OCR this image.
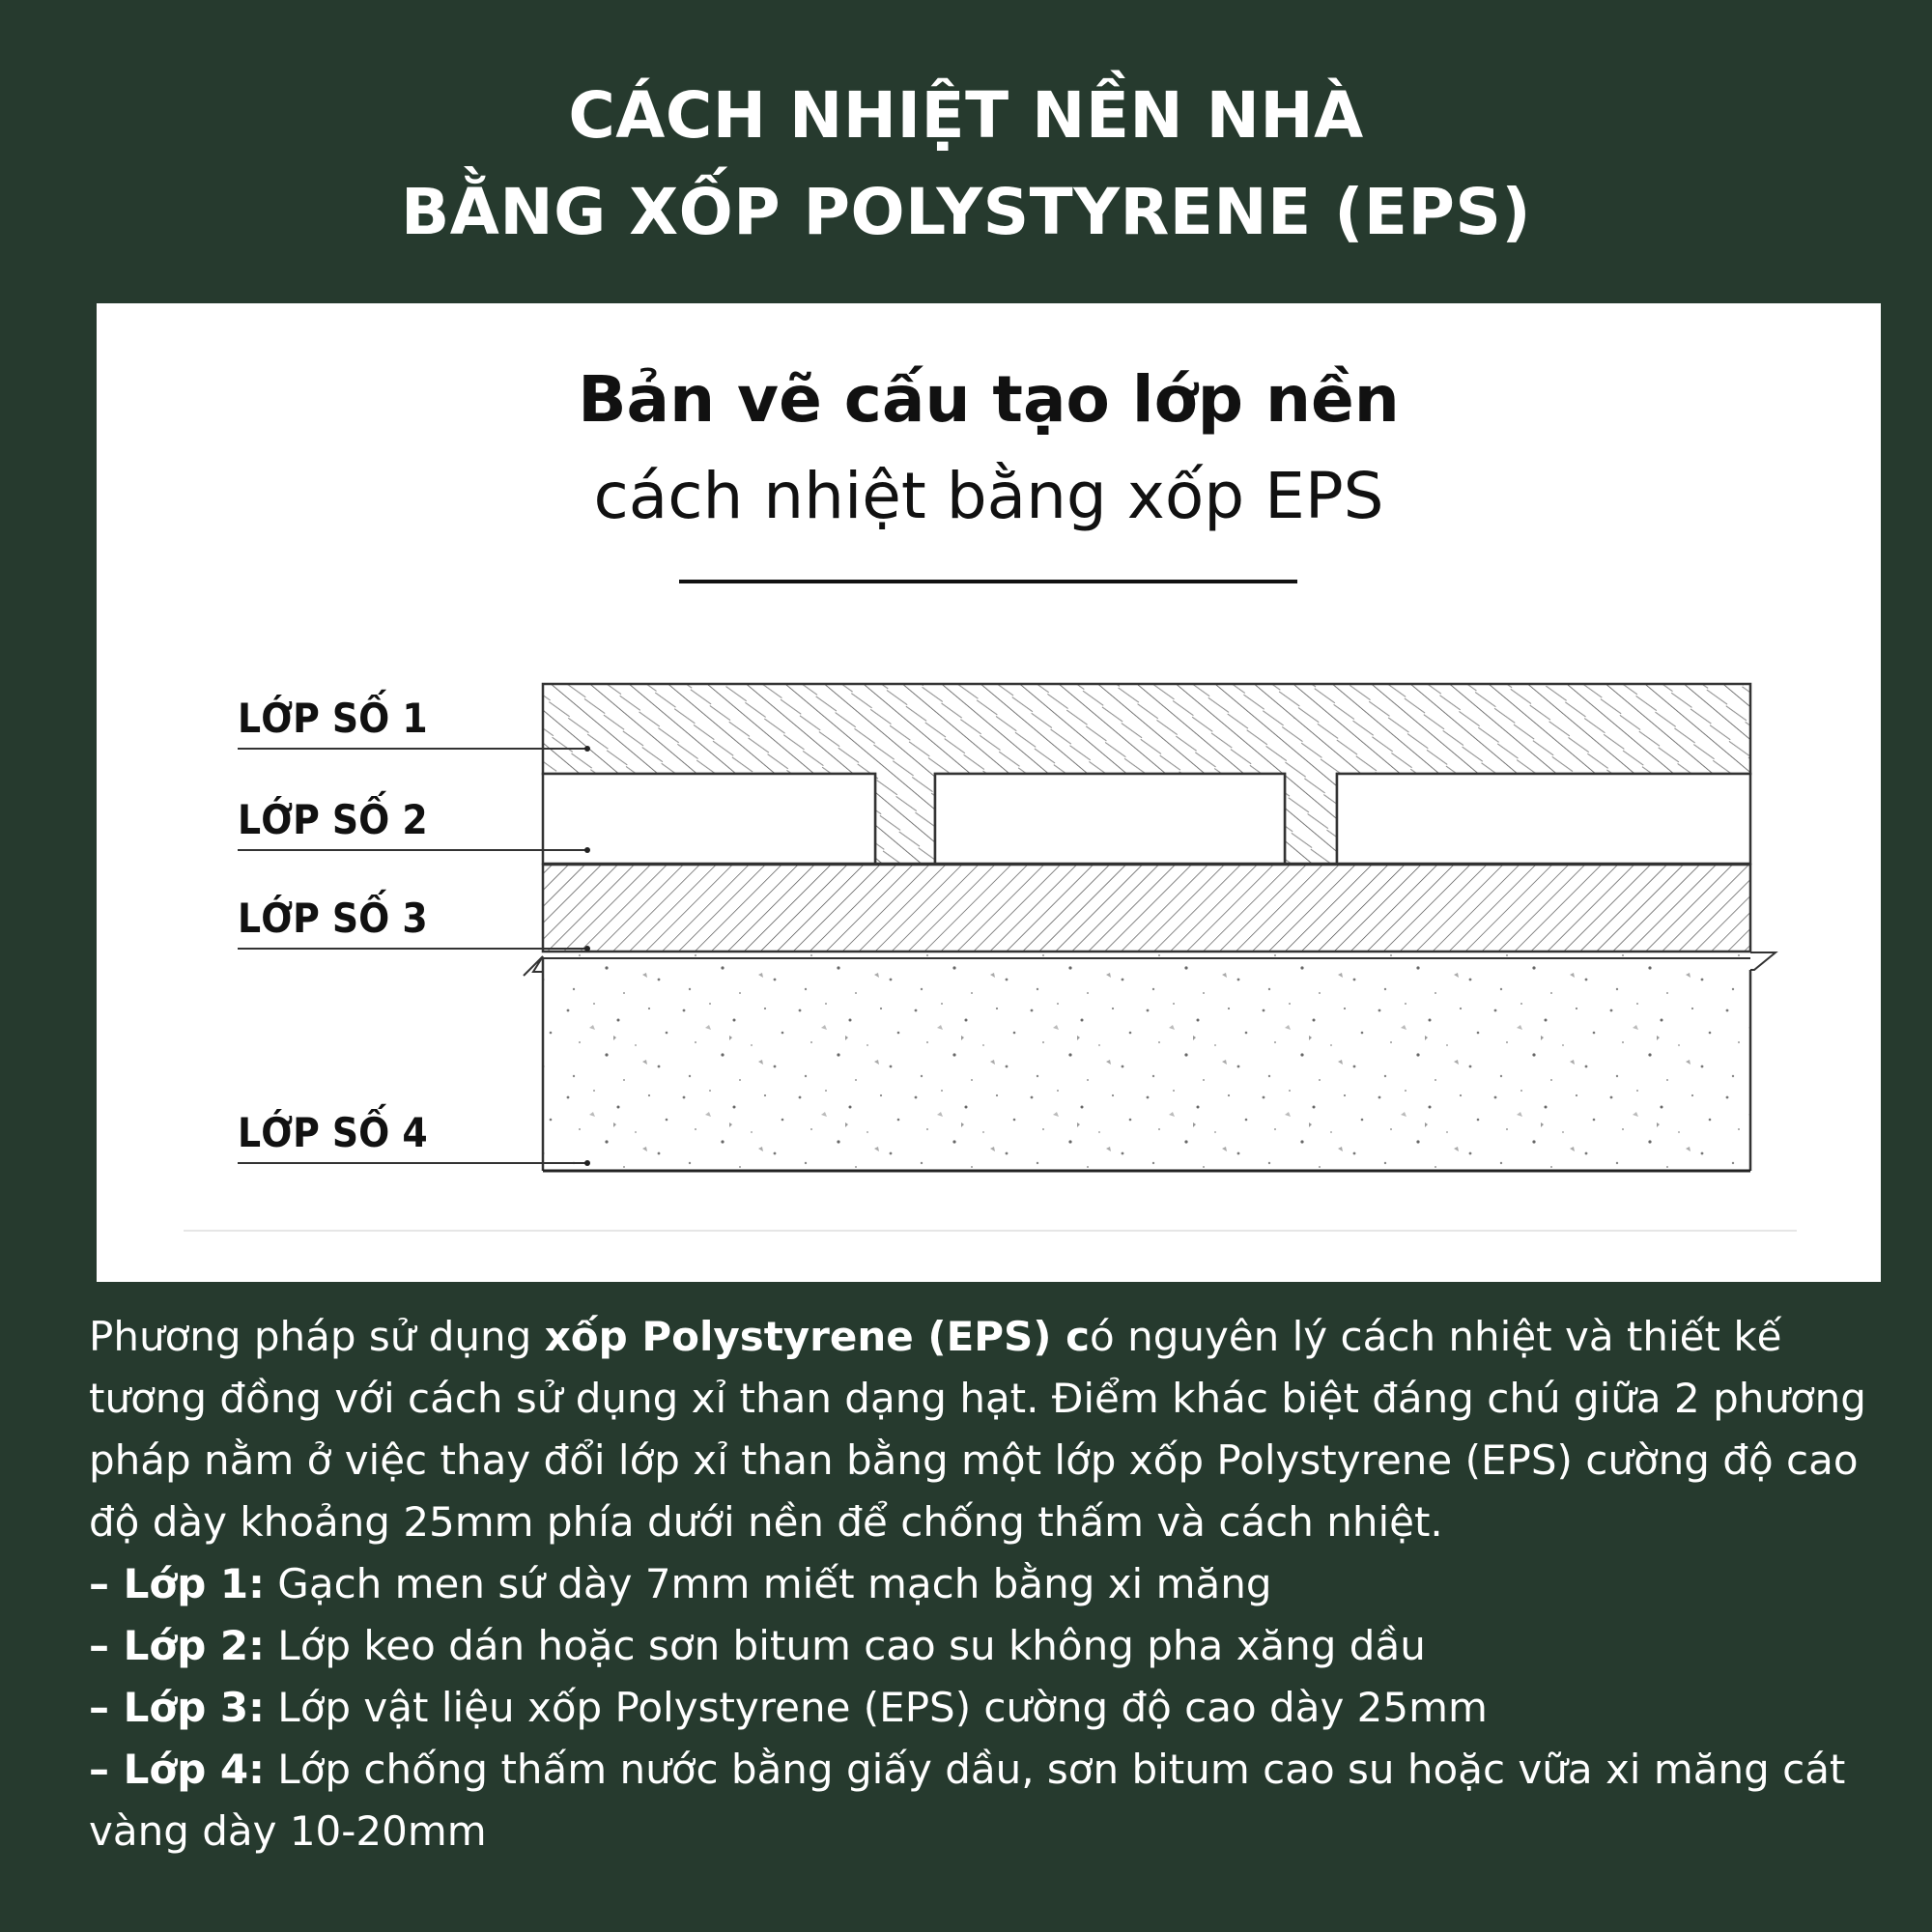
CÁCH NHIỆT NỀN NHÀ
BẰNG XỐP POLYSTYRENE (EPS)
Bản vẽ cấu tạo lớp nền
cách nhiệt bằng xốp EPS
LỚP SỐ 1
LỚP SỐ 2
LỚP SỐ 3
LỚP SỐ 4

Phương pháp sử dụng xốp Polystyrene (EPS) có nguyên lý cách nhiệt và thiết kế tương đồng với cách sử dụng xỉ than dạng hạt. Điểm khác biệt đáng chú giữa 2 phương pháp nằm ở việc thay đổi lớp xỉ than bằng một lớp xốp Polystyrene (EPS) cường độ cao độ dày khoảng 25mm phía dưới nền để chống thấm và cách nhiệt.

– Lớp 1: Gạch men sứ dày 7mm miết mạch bằng xi măng

– Lớp 2: Lớp keo dán hoặc sơn bitum cao su không pha xăng dầu

– Lớp 3: Lớp vật liệu xốp Polystyrene (EPS) cường độ cao dày 25mm

– Lớp 4: Lớp chống thấm nước bằng giấy dầu, sơn bitum cao su hoặc vữa xi măng cát vàng dày 10-20mm
